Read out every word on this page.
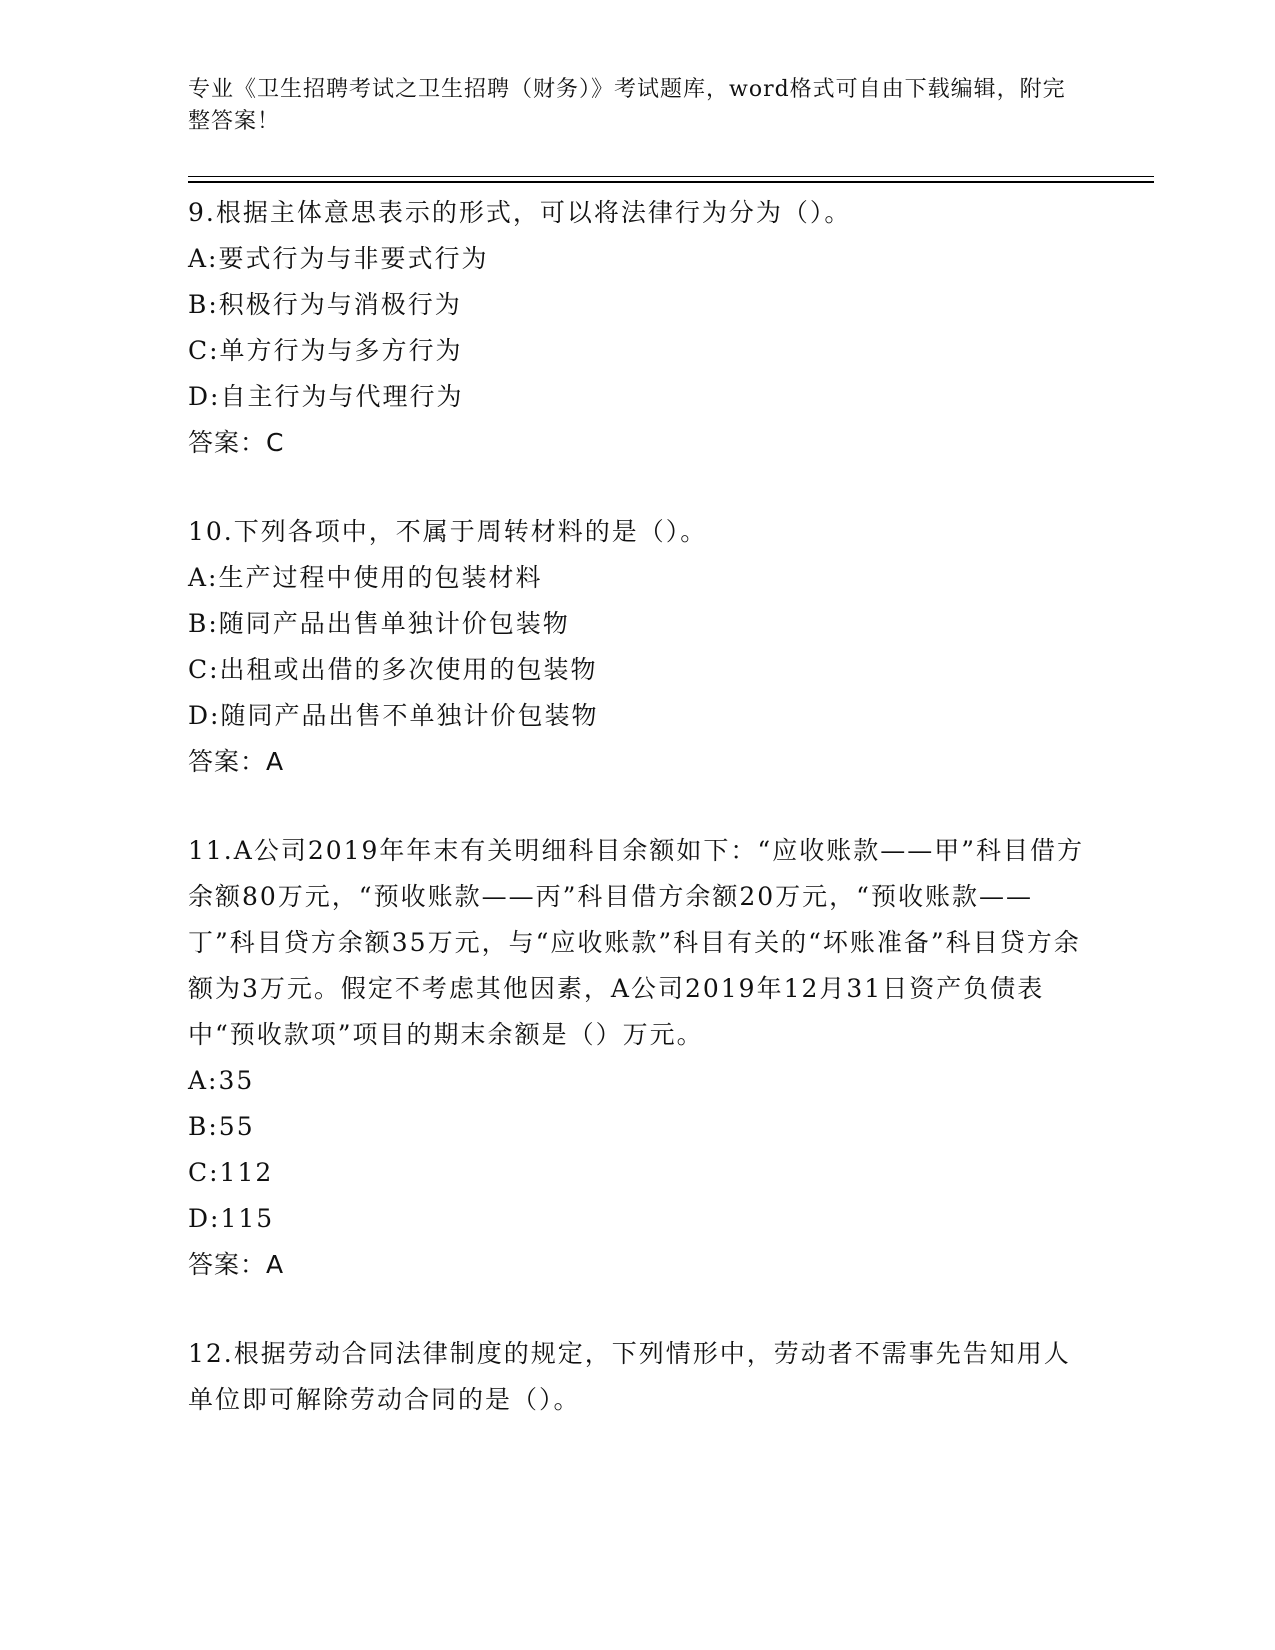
专业《卫生招聘考试之卫生招聘（财务）》考试题库，word格式可自由下载编辑，附完整答案！
9.根据主体意思表示的形式，可以将法律行为分为（）。
A:要式行为与非要式行为
B:积极行为与消极行为
C:单方行为与多方行为
D:自主行为与代理行为
答案：C
10.下列各项中，不属于周转材料的是（）。
A:生产过程中使用的包装材料
B:随同产品出售单独计价包装物
C:出租或出借的多次使用的包装物
D:随同产品出售不单独计价包装物
答案：A
11.A公司2019年年末有关明细科目余额如下：“应收账款——甲”科目借方余额80万元，“预收账款——丙”科目借方余额20万元，“预收账款——丁”科目贷方余额35万元，与“应收账款”科目有关的“坏账准备”科目贷方余额为3万元。假定不考虑其他因素，A公司2019年12月31日资产负债表中“预收款项”项目的期末余额是（）万元。
A:35
B:55
C:112
D:115
答案：A
12.根据劳动合同法律制度的规定，下列情形中，劳动者不需事先告知用人单位即可解除劳动合同的是（）。
